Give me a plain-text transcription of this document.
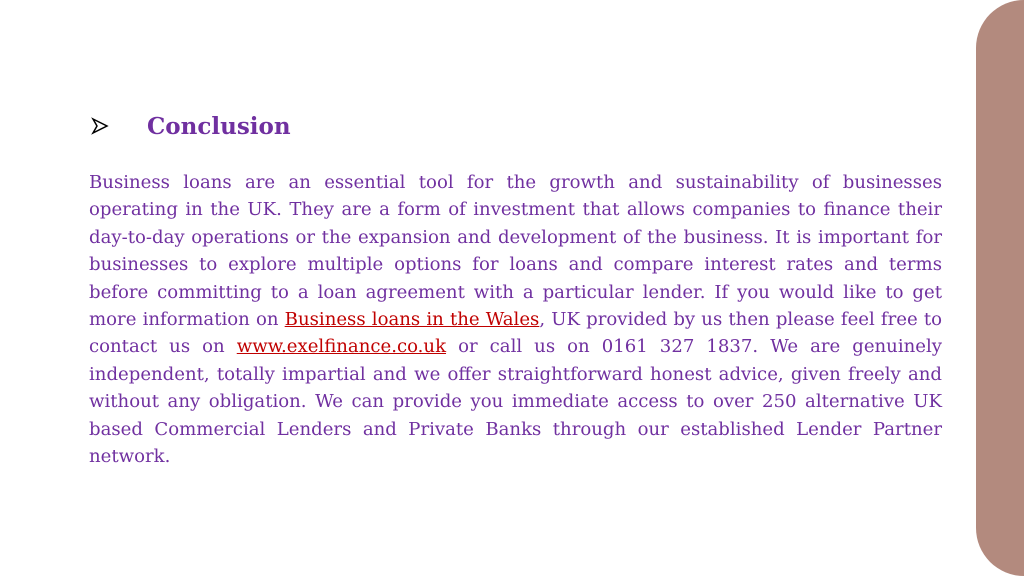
Conclusion

Business loans are an essential tool for the growth and sustainability of businesses operating in the UK. They are a form of investment that allows companies to finance their day-to-day operations or the expansion and development of the business. It is important for businesses to explore multiple options for loans and compare interest rates and terms before committing to a loan agreement with a particular lender. If you would like to get more information on Business loans in the Wales, UK provided by us then please feel free to contact us on www.exelfinance.co.uk or call us on 0161 327 1837. We are genuinely independent, totally impartial and we offer straightforward honest advice, given freely and without any obligation. We can provide you immediate access to over 250 alternative UK based Commercial Lenders and Private Banks through our established Lender Partner network.
